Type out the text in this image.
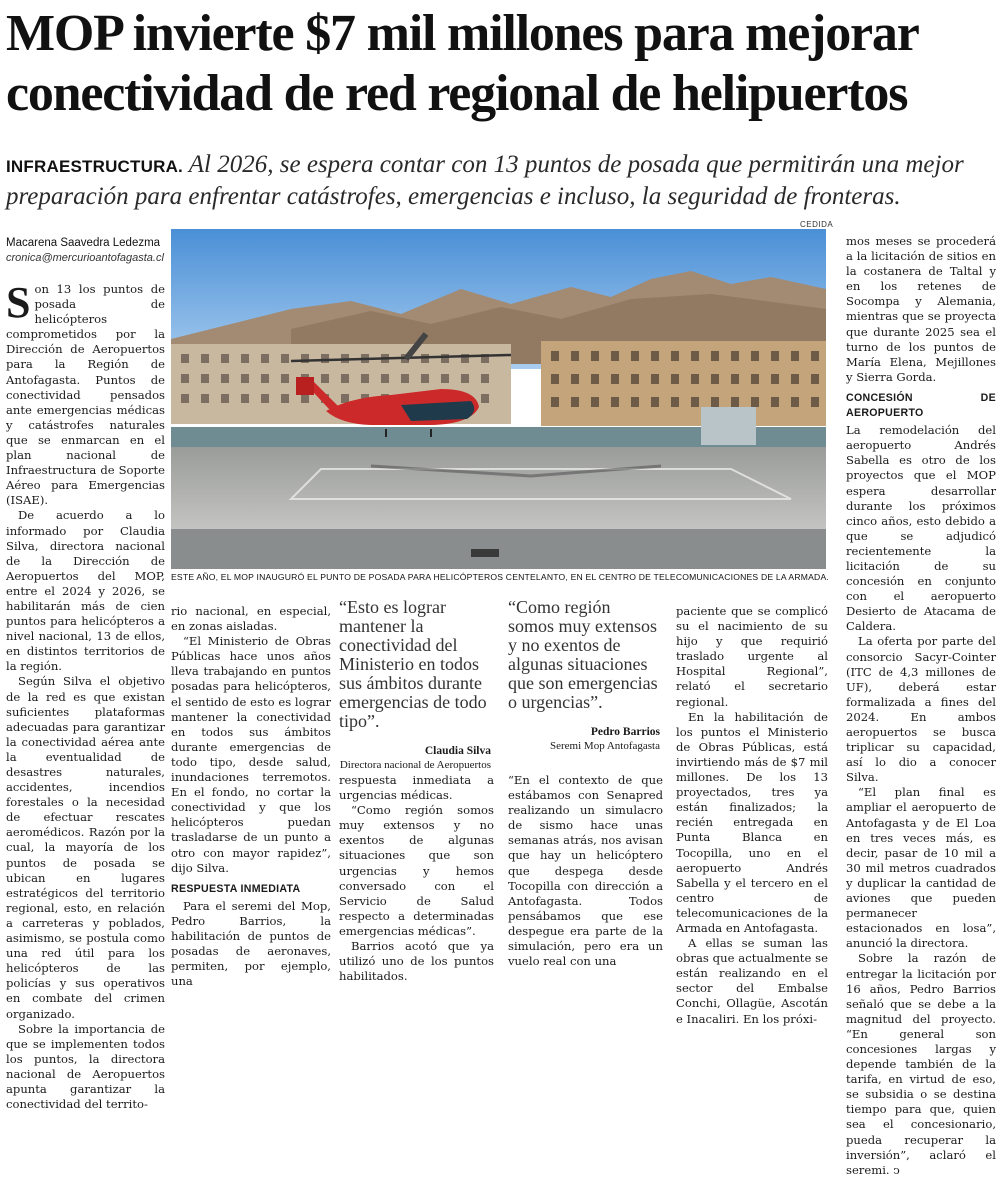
MOP invierte $7 mil millones para mejorar
conectividad de red regional de helipuertos
INFRAESTRUCTURA. Al 2026, se espera contar con 13 puntos de posada que permitirán una mejor preparación para enfrentar catástrofes, emergencias e incluso, la seguridad de fronteras.
Macarena Saavedra Ledezma
cronica@mercurioantofagasta.cl
CEDIDA
ESTE AÑO, EL MOP INAUGURÓ EL PUNTO DE POSADA PARA HELICÓPTEROS CENTELANTO, EN EL CENTRO DE TELECOMUNICACIONES DE LA ARMADA.

Son 13 los puntos de posada de helicópteros comprometidos por la Dirección de Aeropuertos para la Región de Antofagasta. Puntos de conectividad pensados ante emergencias médicas y catástrofes naturales que se enmarcan en el plan nacional de Infraestructura de Soporte Aéreo para Emergencias (ISAE).

De acuerdo a lo informado por Claudia Silva, directora nacional de la Dirección de Aeropuertos del MOP, entre el 2024 y 2026, se habilitarán más de cien puntos para helicópteros a nivel nacional, 13 de ellos, en distintos territorios de la región.

Según Silva el objetivo de la red es que existan suficientes plataformas adecuadas para garantizar la conectividad aérea ante la eventualidad de desastres naturales, accidentes, incendios forestales o la necesidad de efectuar rescates aeromédicos. Razón por la cual, la mayoría de los puntos de posada se ubican en lugares estratégicos del territorio regional, esto, en relación a carreteras y poblados, asimismo, se postula como una red útil para los helicópteros de las policías y sus operativos en combate del crimen organizado.

Sobre la importancia de que se implementen todos los puntos, la directora nacional de Aeropuertos apunta garantizar la conectividad del territo-

rio nacional, en especial, en zonas aisladas.

“El Ministerio de Obras Públicas hace unos años lleva trabajando en puntos posadas para helicópteros, el sentido de esto es lograr mantener la conectividad en todos sus ámbitos durante emergencias de todo tipo, desde salud, inundaciones terremotos. En el fondo, no cortar la conectividad y que los helicópteros puedan trasladarse de un punto a otro con mayor rapidez”, dijo Silva.

RESPUESTA INMEDIATA

Para el seremi del Mop, Pedro Barrios, la habilitación de puntos de posadas de aeronaves, permiten, por ejemplo, una

“Esto es lograr mantener la conectividad del Ministerio en todos sus ámbitos durante emergencias de todo tipo”.
Claudia Silva
Directora nacional de Aeropuertos

respuesta inmediata a urgencias médicas.

“Como región somos muy extensos y no exentos de algunas situaciones que son urgencias y hemos conversado con el Servicio de Salud respecto a determinadas emergencias médicas”.

Barrios acotó que ya utilizó uno de los puntos habilitados.

“Como región somos muy extensos y no exentos de algunas situaciones que son emergencias o urgencias”.
Pedro Barrios
Seremi Mop Antofagasta

“En el contexto de que estábamos con Senapred realizando un simulacro de sismo hace unas semanas atrás, nos avisan que hay un helicóptero que despega desde Tocopilla con dirección a Antofagasta. Todos pensábamos que ese despegue era parte de la simulación, pero era un vuelo real con una

paciente que se complicó su el nacimiento de su hijo y que requirió traslado urgente al Hospital Regional”, relató el secretario regional.

En la habilitación de los puntos el Ministerio de Obras Públicas, está invirtiendo más de $7 mil millones. De los 13 proyectados, tres ya están finalizados; la recién entregada en Punta Blanca en Tocopilla, uno en el aeropuerto Andrés Sabella y el tercero en el centro de telecomunicaciones de la Armada en Antofagasta.

A ellas se suman las obras que actualmente se están realizando en el sector del Embalse Conchi, Ollagüe, Ascotán e Inacaliri. En los próxi-

mos meses se procederá a la licitación de sitios en la costanera de Taltal y en los retenes de Socompa y Alemania, mientras que se proyecta que durante 2025 sea el turno de los puntos de María Elena, Mejillones y Sierra Gorda.

CONCESIÓN DE AEROPUERTO

La remodelación del aeropuerto Andrés Sabella es otro de los proyectos que el MOP espera desarrollar durante los próximos cinco años, esto debido a que se adjudicó recientemente la licitación de su concesión en conjunto con el aeropuerto Desierto de Atacama de Caldera.

La oferta por parte del consorcio Sacyr-Cointer (ITC de 4,3 millones de UF), deberá estar formalizada a fines del 2024. En ambos aeropuertos se busca triplicar su capacidad, así lo dio a conocer Silva.

“El plan final es ampliar el aeropuerto de Antofagasta y de El Loa en tres veces más, es decir, pasar de 10 mil a 30 mil metros cuadrados y duplicar la cantidad de aviones que pueden permanecer estacionados en losa”, anunció la directora.

Sobre la razón de entregar la licitación por 16 años, Pedro Barrios señaló que se debe a la magnitud del proyecto. “En general son concesiones largas y depende también de la tarifa, en virtud de eso, se subsidia o se destina tiempo para que, quien sea el concesionario, pueda recuperar la inversión”, aclaró el seremi. ↄ
